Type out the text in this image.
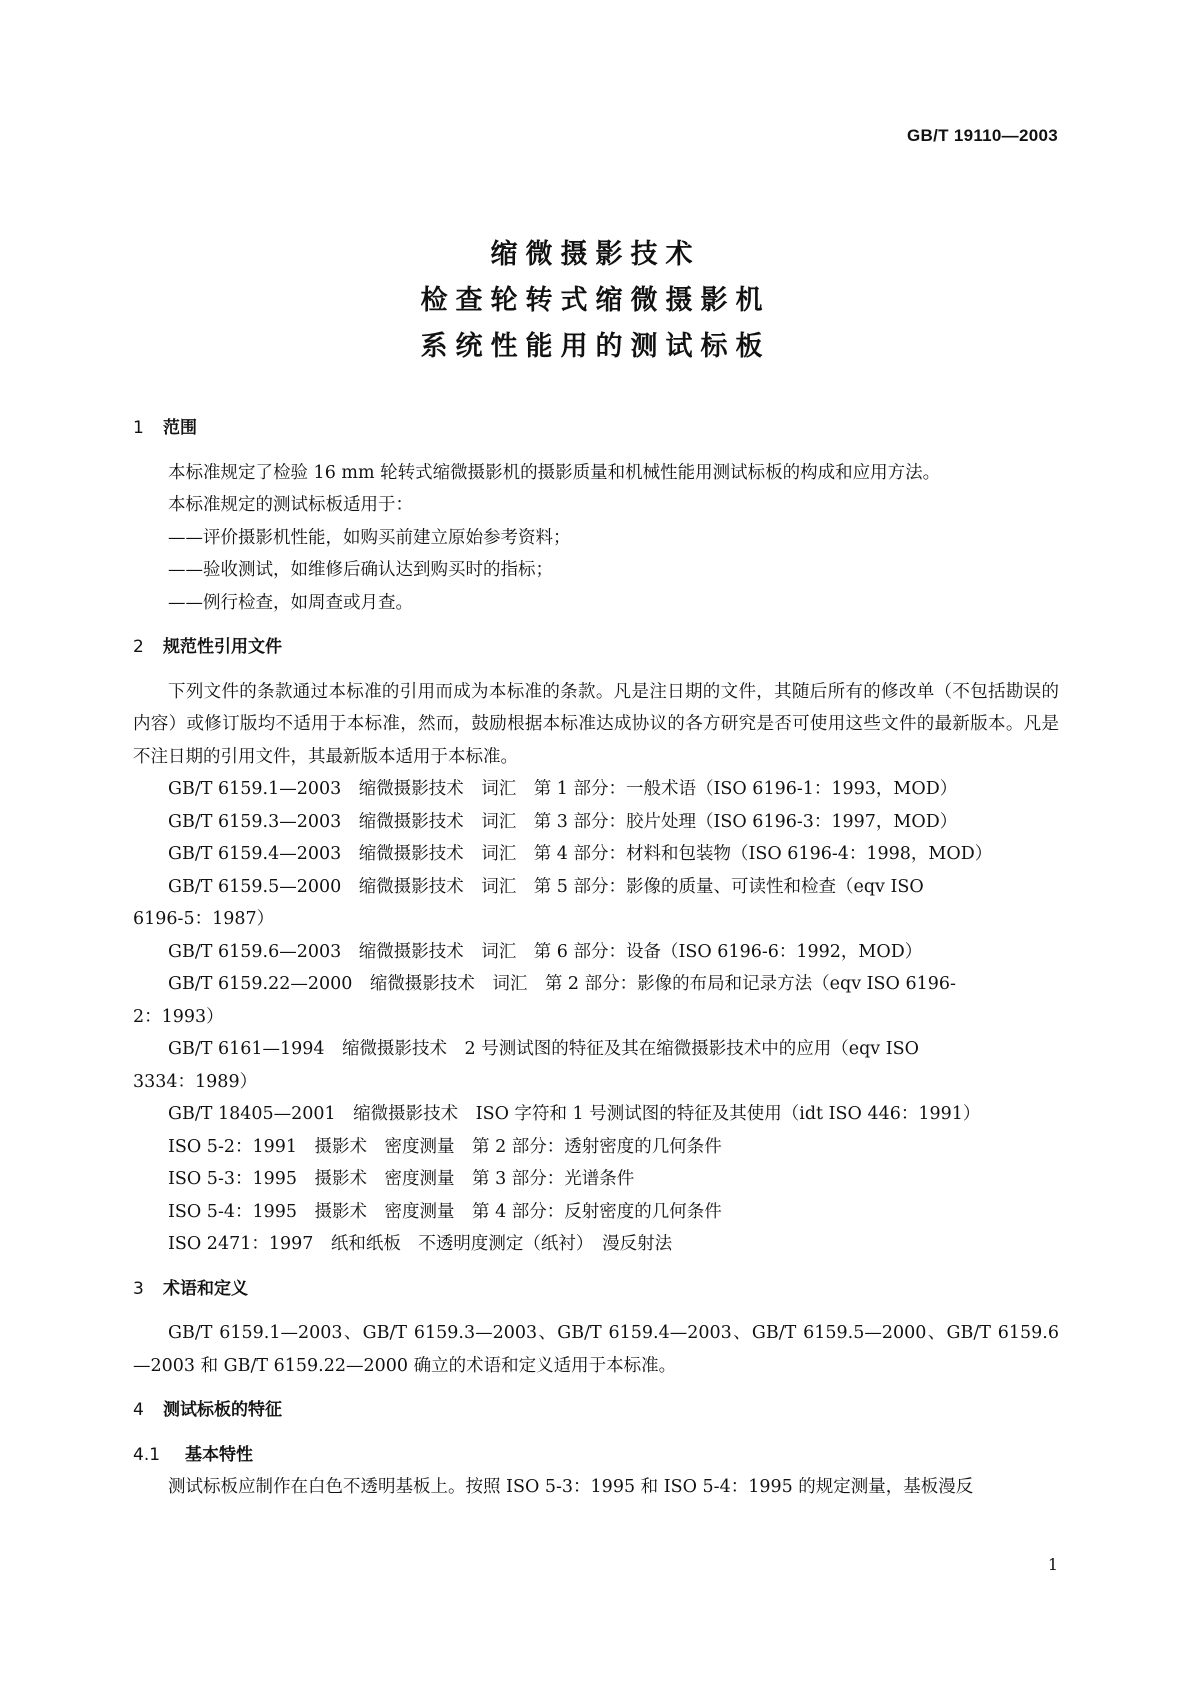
GB/T 19110—2003
缩微摄影技术
检查轮转式缩微摄影机
系统性能用的测试标板
1 范围

本标准规定了检验 16 mm 轮转式缩微摄影机的摄影质量和机械性能用测试标板的构成和应用方法。

本标准规定的测试标板适用于：

——评价摄影机性能，如购买前建立原始参考资料；

——验收测试，如维修后确认达到购买时的指标；

——例行检查，如周查或月查。

2 规范性引用文件

下列文件的条款通过本标准的引用而成为本标准的条款。凡是注日期的文件，其随后所有的修改单（不包括勘误的内容）或修订版均不适用于本标准，然而，鼓励根据本标准达成协议的各方研究是否可使用这些文件的最新版本。凡是不注日期的引用文件，其最新版本适用于本标准。

GB/T 6159.1—2003　缩微摄影技术　词汇　第 1 部分：一般术语（ISO 6196-1：1993，MOD）

GB/T 6159.3—2003　缩微摄影技术　词汇　第 3 部分：胶片处理（ISO 6196-3：1997，MOD）

GB/T 6159.4—2003　缩微摄影技术　词汇　第 4 部分：材料和包装物（ISO 6196-4：1998，MOD）

GB/T 6159.5—2000　缩微摄影技术　词汇　第 5 部分：影像的质量、可读性和检查（eqv ISO

6196-5：1987）

GB/T 6159.6—2003　缩微摄影技术　词汇　第 6 部分：设备（ISO 6196-6：1992，MOD）

GB/T 6159.22—2000　缩微摄影技术　词汇　第 2 部分：影像的布局和记录方法（eqv ISO 6196-

2：1993）

GB/T 6161—1994　缩微摄影技术　2 号测试图的特征及其在缩微摄影技术中的应用（eqv ISO

3334：1989）

GB/T 18405—2001　缩微摄影技术　ISO 字符和 1 号测试图的特征及其使用（idt ISO 446：1991）

ISO 5-2：1991　摄影术　密度测量　第 2 部分：透射密度的几何条件

ISO 5-3：1995　摄影术　密度测量　第 3 部分：光谱条件

ISO 5-4：1995　摄影术　密度测量　第 4 部分：反射密度的几何条件

ISO 2471：1997　纸和纸板　不透明度测定（纸衬）　漫反射法

3 术语和定义

GB/T 6159.1—2003、GB/T 6159.3—2003、GB/T 6159.4—2003、GB/T 6159.5—2000、GB/T 6159.6—2003 和 GB/T 6159.22—2000 确立的术语和定义适用于本标准。

4 测试标板的特征
4.1 基本特性

测试标板应制作在白色不透明基板上。按照 ISO 5-3：1995 和 ISO 5-4：1995 的规定测量，基板漫反

1
